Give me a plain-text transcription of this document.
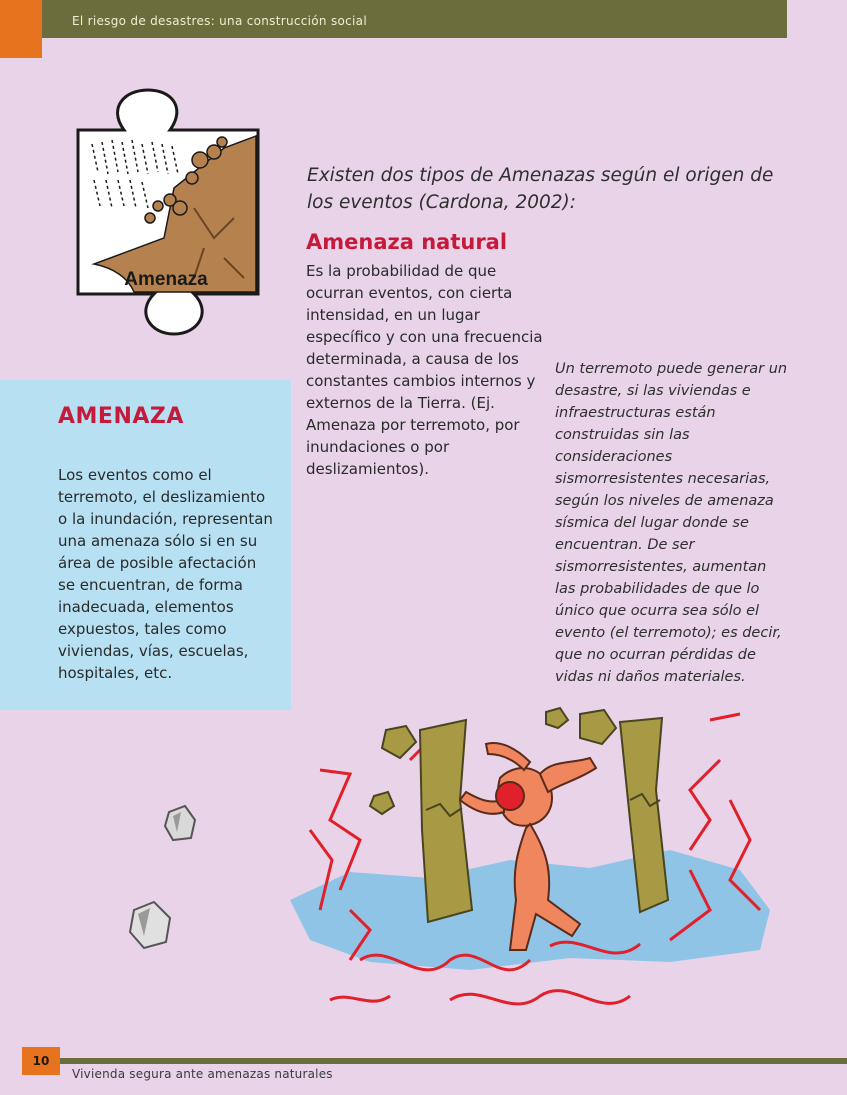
El riesgo de desastres: una construcción social
Amenaza
Existen dos tipos de Amenazas según el origen de los eventos (Cardona, 2002):
Amenaza natural
Es la probabilidad de que ocurran eventos, con cierta intensidad, en un lugar específico y con una frecuencia determinada, a causa de los constantes cambios internos y externos de la Tierra. (Ej. Amenaza por terremoto, por inundaciones o por deslizamientos).
Un terremoto puede generar un desastre, si las viviendas e infraestructuras están construidas sin las consideraciones sismorresistentes necesarias, según los niveles de amenaza sísmica del lugar donde se encuentran. De ser sismorresistentes, aumentan las probabilidades de que lo único que ocurra sea sólo el evento (el terremoto); es decir, que no ocurran pérdidas de vidas ni daños materiales.
AMENAZA
Los eventos como el terremoto, el deslizamiento o la inundación, representan una amenaza sólo si en su área de posible afectación se encuentran, de forma inadecuada, elementos expuestos, tales como viviendas, vías, escuelas, hospitales, etc.
10
Vivienda segura ante amenazas naturales
